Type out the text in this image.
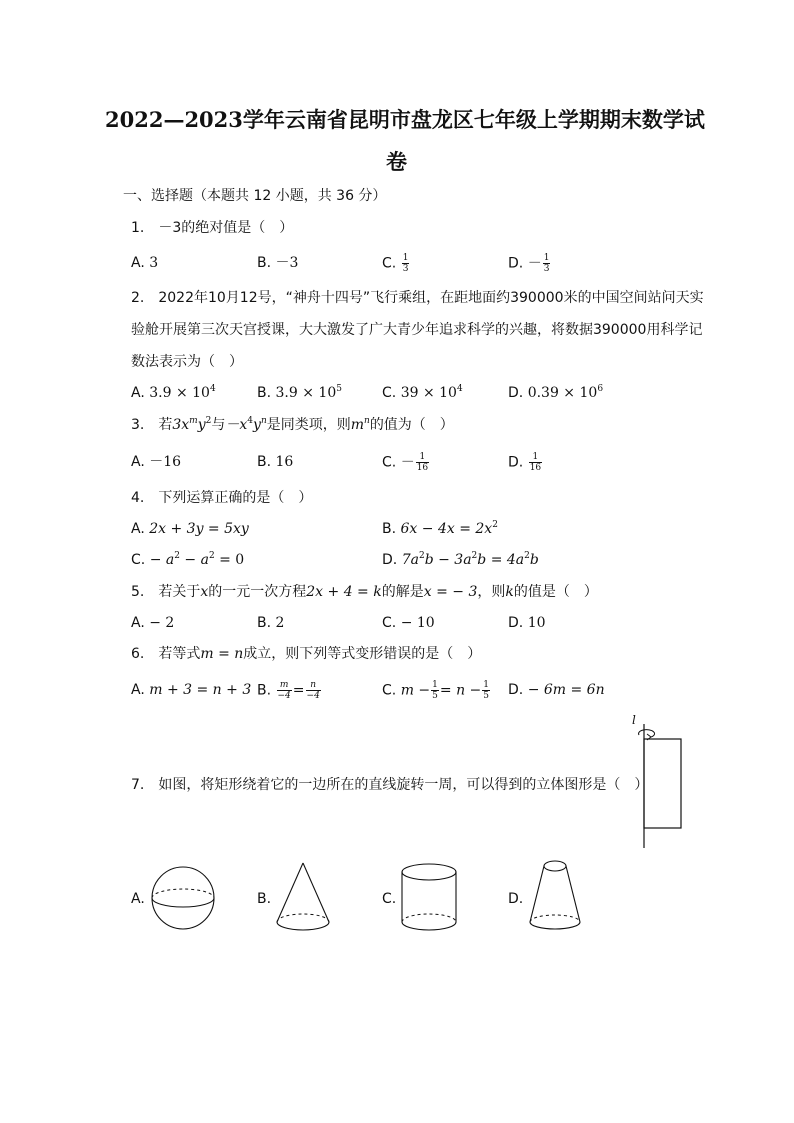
2022—2023学年云南省昆明市盘龙区七年级上学期期末数学试
卷
一、选择题（本题共 12 小题，共 36 分）
1.　－3的绝对值是（　）
A. 3	B. －3	C. $\frac{1}{3}$	D. － $\frac{1}{3}$
2.　2022年10月12号，“神舟十四号”飞行乘组，在距地面约390000米的中国空间站问天实
验舱开展第三次天宫授课，大大激发了广大青少年追求科学的兴趣，将数据390000用科学记
数法表示为（　）
A. $3.9 \times 10^4$	B. $3.9 \times 10^5$	C. $39 \times 10^4$	D. $0.39 \times 10^6$
3.　若$3x^my^2$与$-x^4y^n$是同类项，则$m^n$的值为（　）
A. －16	B. 16	C. － $\frac{1}{16}$	D. $\frac{1}{16}$
4.　下列运算正确的是（　）
A. 2x + 3y = 5xy	B. $6x - 4x = 2x^2$
C. − $a^2 - a^2 = 0$	D. $7a^2b - 3a^2b = 4a^2b$
5.　若关于x的一元一次方程2x + 4 = k的解是x = − 3，则k的值是（　）
A. − 2	B. 2	C. − 10	D. 10
6.　若等式m = n成立，则下列等式变形错误的是（　）
A. m + 3 = n + 3 B. $\frac{m}{-4} = \frac{n}{-4}$	C. $m - \frac{1}{5} = n - \frac{1}{5} D$. − 6m = 6n
7.　如图，将矩形绕着它的一边所在的直线旋转一周，可以得到的立体图形是（　）
l
A.	B.	C.	D.
